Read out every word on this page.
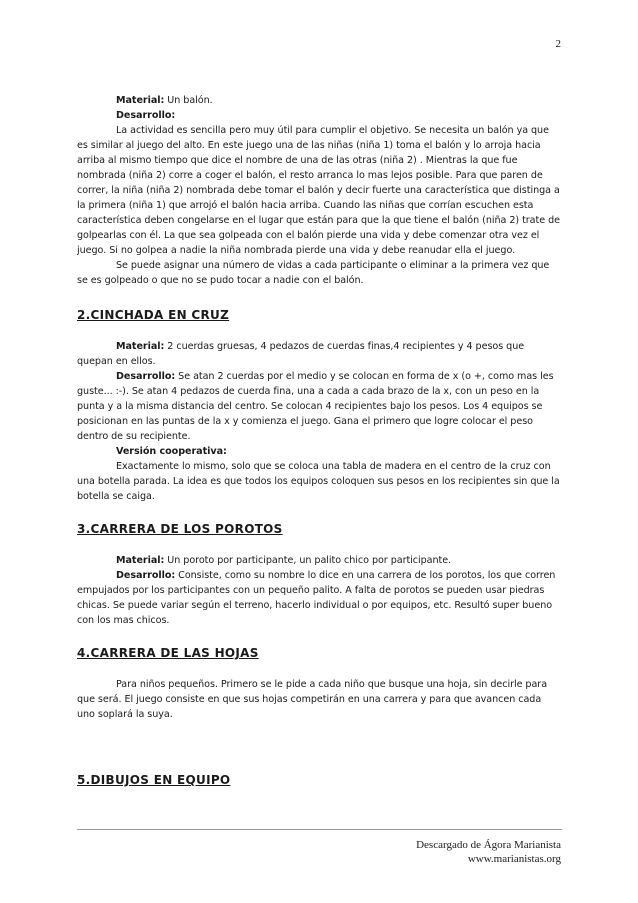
2

Material: Un balón.

Desarrollo:

La actividad es sencilla pero muy útil para cumplir el objetivo. Se necesita un balón ya que es similar al juego del alto. En este juego una de las niñas (niña 1) toma el balón y lo arroja hacia arriba al mismo tiempo que dice el nombre de una de las otras (niña 2) . Mientras la que fue nombrada (niña 2) corre a coger el balón, el resto arranca lo mas lejos posible. Para que paren de correr, la niña (niña 2) nombrada debe tomar el balón y decir fuerte una característica que distinga a la primera (niña 1) que arrojó el balón hacia arriba. Cuando las niñas que corrían escuchen esta característica deben congelarse en el lugar que están para que la que tiene el balón (niña 2) trate de golpearlas con él. La que sea golpeada con el balón pierde una vida y debe comenzar otra vez el juego. Si no golpea a nadie la niña nombrada pierde una vida y debe reanudar ella el juego.

Se puede asignar una número de vidas a cada participante o eliminar a la primera vez que se es golpeado o que no se pudo tocar a nadie con el balón.

2.CINCHADA EN CRUZ

Material: 2 cuerdas gruesas, 4 pedazos de cuerdas finas,4 recipientes y 4 pesos que quepan en ellos.

Desarrollo: Se atan 2 cuerdas por el medio y se colocan en forma de x (o +, como mas les guste... :-). Se atan 4 pedazos de cuerda fina, una a cada a cada brazo de la x, con un peso en la punta y a la misma distancia del centro. Se colocan 4 recipientes bajo los pesos. Los 4 equipos se posicionan en las puntas de la x y comienza el juego. Gana el primero que logre colocar el peso dentro de su recipiente.

Versión cooperativa:

Exactamente lo mismo, solo que se coloca una tabla de madera en el centro de la cruz con una botella parada. La idea es que todos los equipos coloquen sus pesos en los recipientes sin que la botella se caiga.

3.CARRERA DE LOS POROTOS

Material: Un poroto por participante, un palito chico por participante.

Desarrollo: Consiste, como su nombre lo dice en una carrera de los porotos, los que corren empujados por los participantes con un pequeño palito. A falta de porotos se pueden usar piedras chicas. Se puede variar según el terreno, hacerlo individual o por equipos, etc. Resultó super bueno con los mas chicos.

4.CARRERA DE LAS HOJAS

Para niños pequeños. Primero se le pide a cada niño que busque una hoja, sin decirle para que será. El juego consiste en que sus hojas competirán en una carrera y para que avancen cada uno soplará la suya.

5.DIBUJOS EN EQUIPO
Descargado de Ágora Marianista
www.marianistas.org
